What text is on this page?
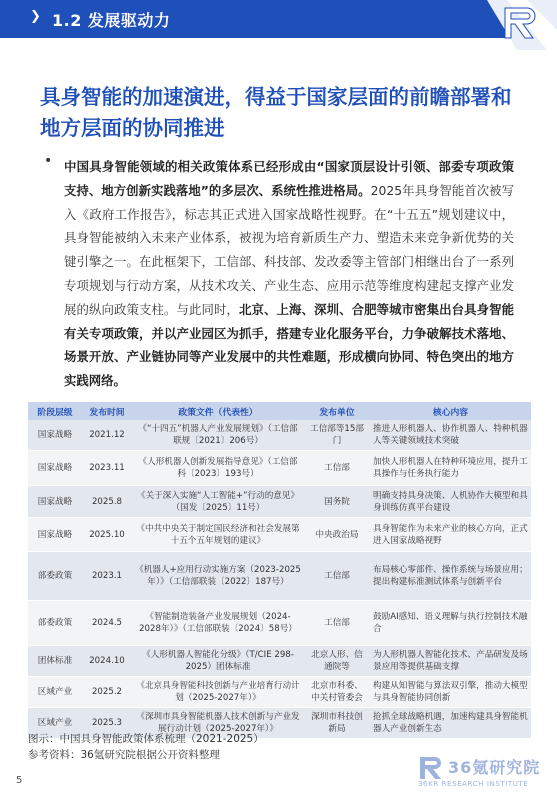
❯ 1.2 发展驱动力
具身智能的加速演进，得益于国家层面的前瞻部署和地方层面的协同推进
• 中国具身智能领域的相关政策体系已经形成由“国家顶层设计引领、部委专项政策支持、地方创新实践落地”的多层次、系统性推进格局。2025年具身智能首次被写入《政府工作报告》，标志其正式进入国家战略性视野。在“十五五”规划建议中，具身智能被纳入未来产业体系，被视为培育新质生产力、塑造未来竞争新优势的关键引擎之一。在此框架下，工信部、科技部、发改委等主管部门相继出台了一系列专项规划与行动方案，从技术攻关、产业生态、应用示范等维度构建起支撑产业发展的纵向政策支柱。与此同时，北京、上海、深圳、合肥等城市密集出台具身智能有关专项政策，并以产业园区为抓手，搭建专业化服务平台，力争破解技术落地、场景开放、产业链协同等产业发展中的共性难题，形成横向协同、特色突出的地方实践网络。

阶段层级	发布时间	政策文件（代表性）	发布单位	核心内容
国家战略	2021.12	《“十四五”机器人产业发展规划》（工信部联规〔2021〕206号）	工信部等15部门	推进人形机器人、协作机器人、特种机器人等关键领域技术突破
国家战略	2023.11	《人形机器人创新发展指导意见》（工信部科〔2023〕193号）	工信部	加快人形机器人在特种环境应用，提升工具操作与任务执行能力
国家战略	2025.8	《关于深入实施“人工智能+”行动的意见》（国发〔2025〕11号）	国务院	明确支持具身决策、人机协作大模型和具身训练仿真平台建设
国家战略	2025.10	《中共中央关于制定国民经济和社会发展第十五个五年规划的建议》	中央政治局	具身智能作为未来产业的核心方向，正式进入国家战略视野
部委政策	2023.1	《机器人+应用行动实施方案（2023-2025年）》（工信部联装〔2022〕187号）	工信部	布局核心零部件、操作系统与场景应用；提出构建标准测试体系与创新平台
部委政策	2024.5	《智能制造装备产业发展规划（2024-2028年）》（工信部联装〔2024〕58号）	工信部	鼓励AI感知、语义理解与执行控制技术融合
团体标准	2024.10	《人形机器人智能化分级》（T/CIE 298-2025）团体标准	北京人形、信通院等	为人形机器人智能化技术、产品研发及场景应用等提供基础支撑
区域产业	2025.2	《北京具身智能科技创新与产业培育行动计划（2025-2027年）》	北京市科委、中关村管委会	构建从知智能与算法双引擎，推动大模型与具身智能协同创新
区域产业	2025.3	《深圳市具身智能机器人技术创新与产业发展行动计划（2025-2027年）》	深圳市科技创新局	抢抓全球战略机遇，加速构建具身智能机器人产业创新生态
图示：中国具身智能政策体系梳理（2021-2025）
参考资料：36氪研究院根据公开资料整理
5
36氪研究院
36KR RESEARCH INSTITUTE
